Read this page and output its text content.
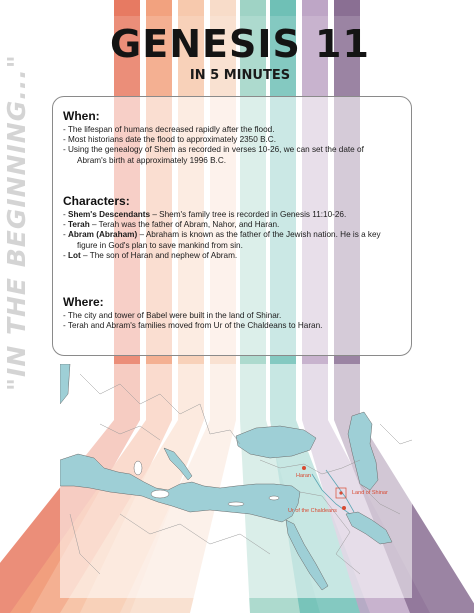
"IN THE BEGINNING..."
GENESIS 11
IN 5 MINUTES
When:
- The lifespan of humans decreased rapidly after the flood.
- Most historians date the flood to approximately 2350 B.C.
- Using the genealogy of Shem as recorded in verses 10-26, we can set the date of
Abram's birth at approximately 1996 B.C.
Characters:
- Shem's Descendants – Shem's family tree is recorded in Genesis 11:10-26.
- Terah – Terah was the father of Abram, Nahor, and Haran.
- Abram (Abraham) – Abraham is known as the father of the Jewish nation. He is a key
figure in God's plan to save mankind from sin.
- Lot – The son of Haran and nephew of Abram.
Where:
- The city and tower of Babel were built in the land of Shinar.
- Terah and Abram's families moved from Ur of the Chaldeans to Haran.
Haran
Land of Shinar
Ur of the Chaldeans
